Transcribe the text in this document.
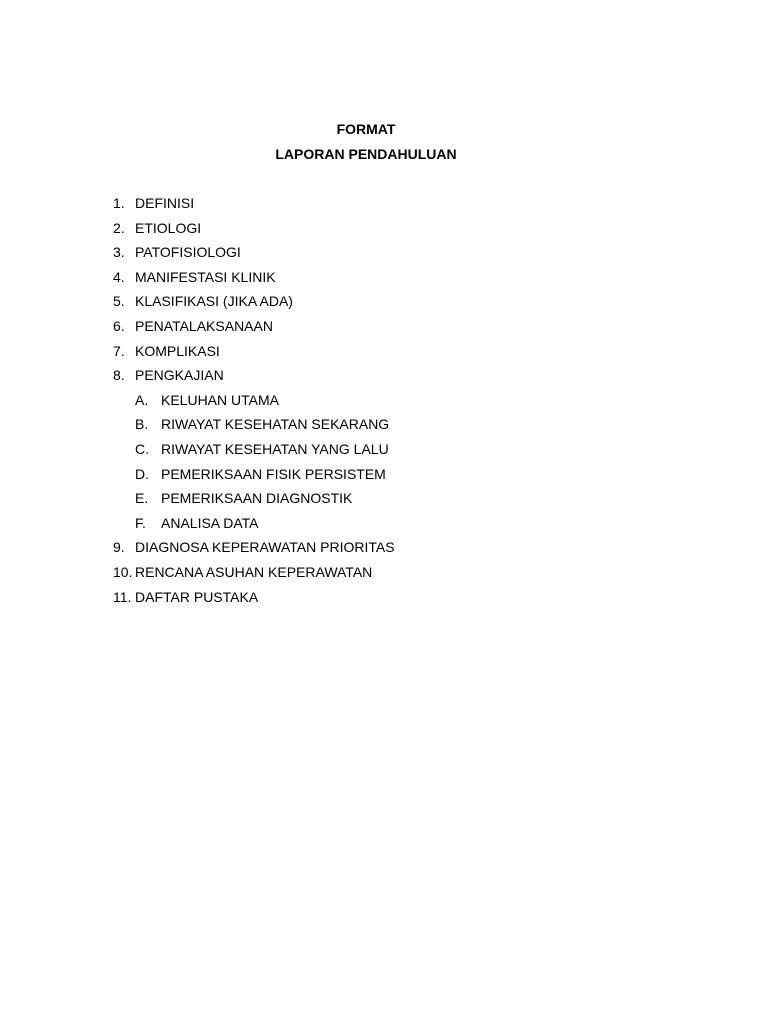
FORMAT
LAPORAN PENDAHULUAN
1. DEFINISI
2. ETIOLOGI
3. PATOFISIOLOGI
4. MANIFESTASI KLINIK
5. KLASIFIKASI (JIKA ADA)
6. PENATALAKSANAAN
7. KOMPLIKASI
8. PENGKAJIAN
A. KELUHAN UTAMA
B. RIWAYAT KESEHATAN SEKARANG
C. RIWAYAT KESEHATAN YANG LALU
D. PEMERIKSAAN FISIK PERSISTEM
E. PEMERIKSAAN DIAGNOSTIK
F.	ANALISA DATA
9. DIAGNOSA KEPERAWATAN PRIORITAS
10. RENCANA ASUHAN KEPERAWATAN
11. DAFTAR PUSTAKA
